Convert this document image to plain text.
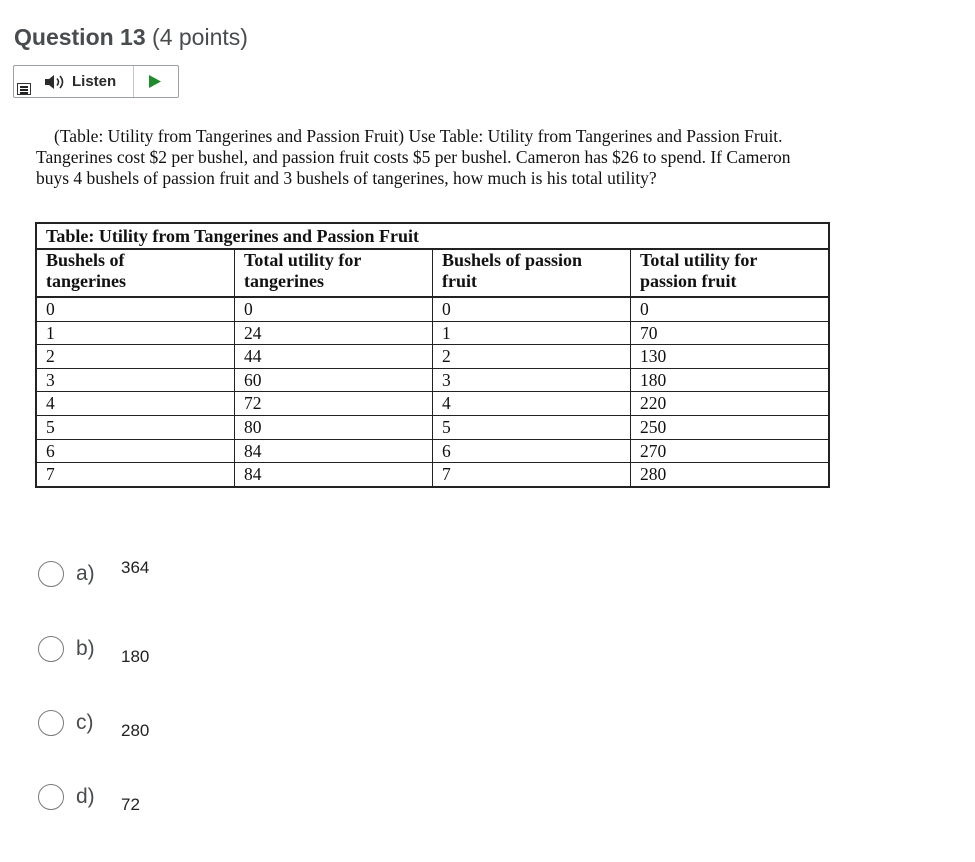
Question 13 (4 points)
Listen
(Table: Utility from Tangerines and Passion Fruit) Use Table: Utility from Tangerines and Passion Fruit.
Tangerines cost $2 per bushel, and passion fruit costs $5 per bushel. Cameron has $26 to spend. If Cameron
buys 4 bushels of passion fruit and 3 bushels of tangerines, how much is his total utility?
Table: Utility from Tangerines and Passion Fruit			
Bushels of
tangerines	Total utility for
tangerines	Bushels of passion
fruit	Total utility for
passion fruit
0	0	0	0
1	24	1	70
2	44	2	130
3	60	3	180
4	72	4	220
5	80	5	250
6	84	6	270
7	84	7	280
a) 364
b) 180
c) 280
d) 72
